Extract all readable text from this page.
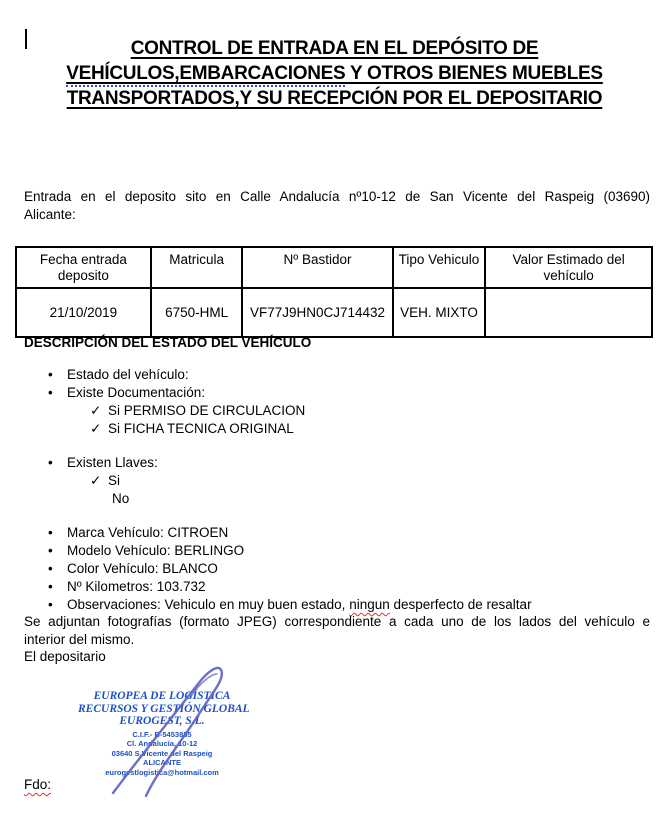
CONTROL DE ENTRADA EN EL DEPÓSITO DE
VEHÍCULOS,EMBARCACIONES Y OTROS BIENES MUEBLES
TRANSPORTADOS,Y SU RECEPCIÓN POR EL DEPOSITARIO
Entrada en el deposito sito en Calle Andalucía nº10-12 de San Vicente del Raspeig (03690)
Alicante:
Fecha entrada deposito	Matricula	Nº Bastidor	Tipo Vehiculo	Valor Estimado del vehículo
21/10/2019	6750-HML	VF77J9HN0CJ714432	VEH. MIXTO	
DESCRIPCIÓN DEL ESTADO DEL VEHÍCULO
• Estado del vehículo:
• Existe Documentación:
✓ Si PERMISO DE CIRCULACION
✓ Si FICHA TECNICA ORIGINAL
• Existen Llaves:
✓ Si
No
• Marca Vehículo: CITROEN
• Modelo Vehículo: BERLINGO
• Color Vehículo: BLANCO
• Nº Kilometros: 103.732
• Observaciones: Vehiculo en muy buen estado, ningun desperfecto de resaltar
Se adjuntan fotografías (formato JPEG) correspondiente a cada uno de los lados del vehículo e
interior del mismo.
El depositario
EUROPEA DE LOGÍSTICA
RECURSOS Y GESTIÓN GLOBAL
EUROGEST, S.L.
C.I.F.- B-5453885
Cl. Andalucía, 10-12
03640 S.Vicente del Raspeig
ALICANTE
eurogestlogistica@hotmail.com
Fdo:
